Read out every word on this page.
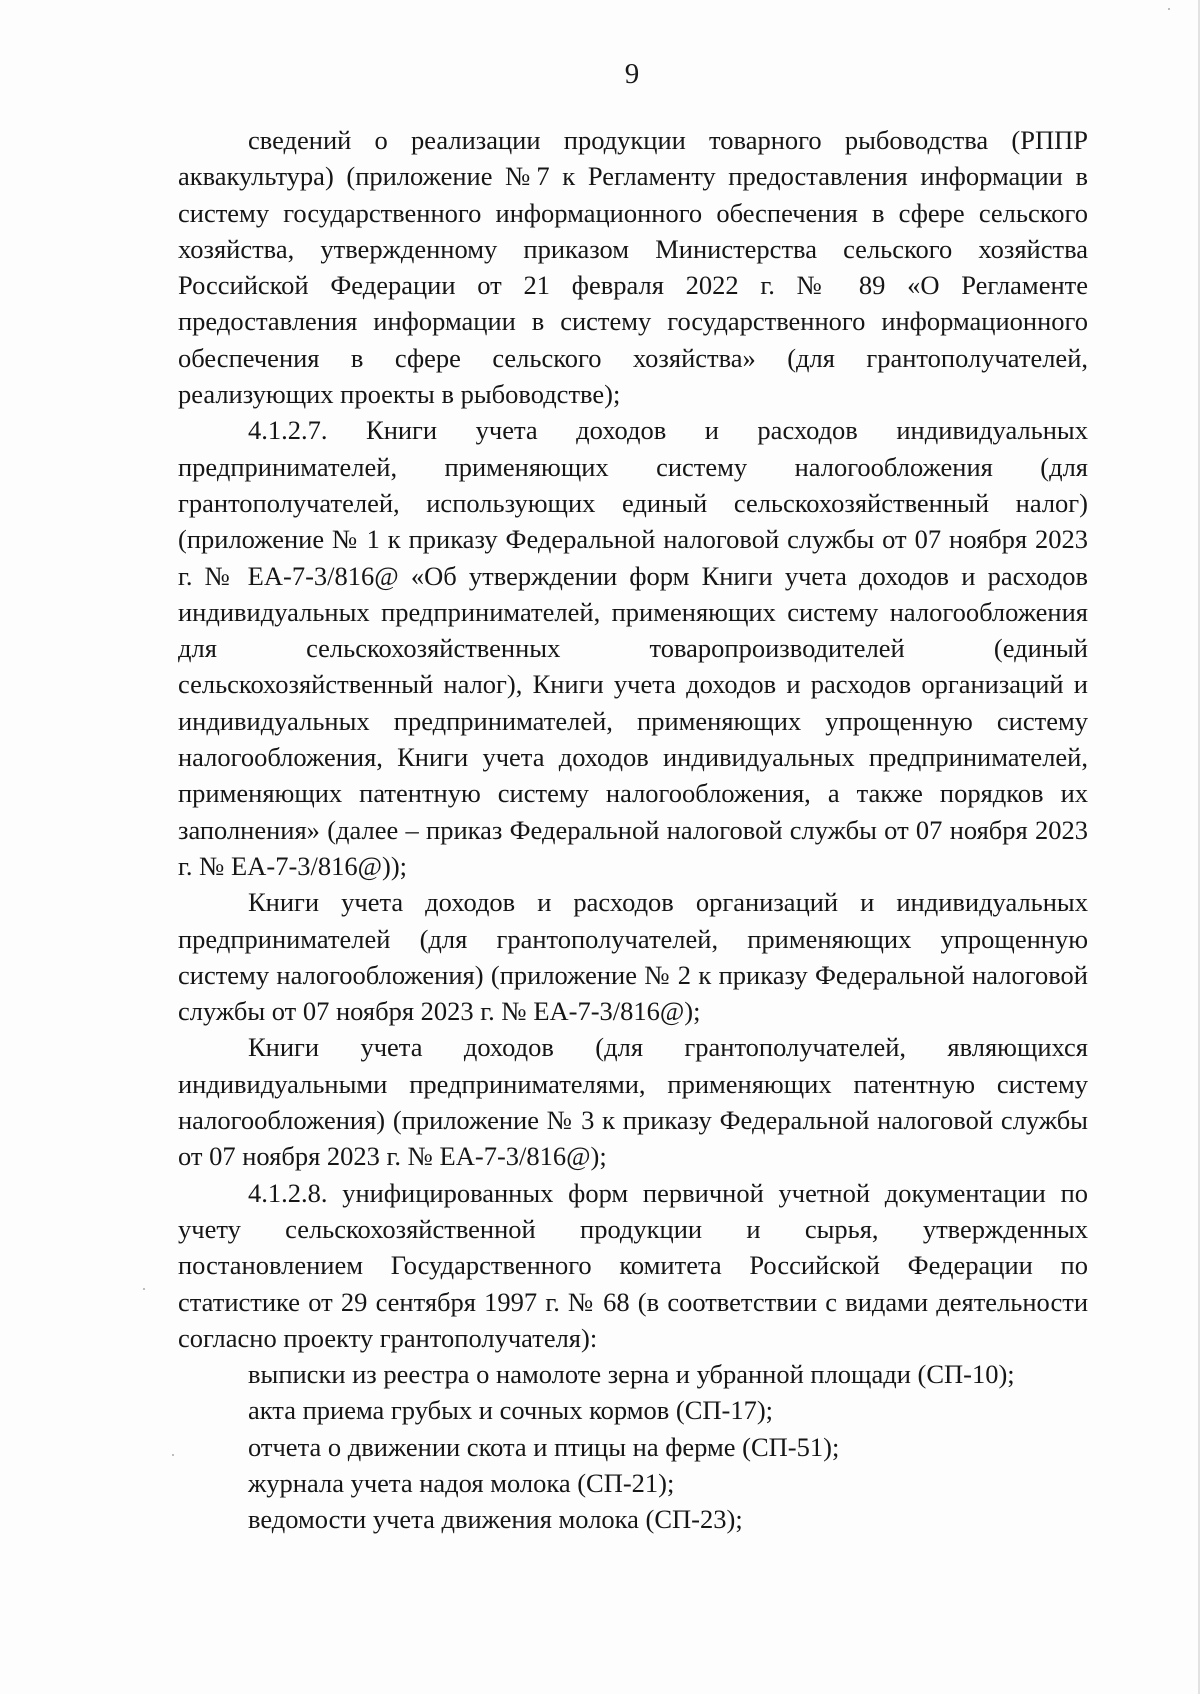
9

сведений о реализации продукции товарного рыбоводства (РППР аквакультура) (приложение №7 к Регламенту предоставления информации в систему государственного информационного обеспечения в сфере сельского хозяйства, утвержденному приказом Министерства сельского хозяйства Российской Федерации от 21 февраля 2022 г. № 89 «О Регламенте предоставления информации в систему государственного информационного обеспечения в сфере сельского хозяйства» (для грантополучателей, реализующих проекты в рыбоводстве);

4.1.2.7. Книги учета доходов и расходов индивидуальных предпринимателей, применяющих систему налогообложения (для грантополучателей, использующих единый сельскохозяйственный налог) (приложение № 1 к приказу Федеральной налоговой службы от 07 ноября 2023 г. № ЕА-7-3/816@ «Об утверждении форм Книги учета доходов и расходов индивидуальных предпринимателей, применяющих систему налогообложения для сельскохозяйственных товаропроизводителей (единый сельскохозяйственный налог), Книги учета доходов и расходов организаций и индивидуальных предпринимателей, применяющих упрощенную систему налогообложения, Книги учета доходов индивидуальных предпринимателей, применяющих патентную систему налогообложения, а также порядков их заполнения» (далее – приказ Федеральной налоговой службы от 07 ноября 2023 г. № ЕА-7-3/816@));

Книги учета доходов и расходов организаций и индивидуальных предпринимателей (для грантополучателей, применяющих упрощенную систему налогообложения) (приложение № 2 к приказу Федеральной налоговой службы от 07 ноября 2023 г. № ЕА-7-3/816@);

Книги учета доходов (для грантополучателей, являющихся индивидуальными предпринимателями, применяющих патентную систему налогообложения) (приложение № 3 к приказу Федеральной налоговой службы от 07 ноября 2023 г. № ЕА-7-3/816@);

4.1.2.8. унифицированных форм первичной учетной документации по учету сельскохозяйственной продукции и сырья, утвержденных постановлением Государственного комитета Российской Федерации по статистике от 29 сентября 1997 г. № 68 (в соответствии с видами деятельности согласно проекту грантополучателя):

выписки из реестра о намолоте зерна и убранной площади (СП-10);

акта приема грубых и сочных кормов (СП-17);

отчета о движении скота и птицы на ферме (СП-51);

журнала учета надоя молока (СП-21);

ведомости учета движения молока (СП-23);
